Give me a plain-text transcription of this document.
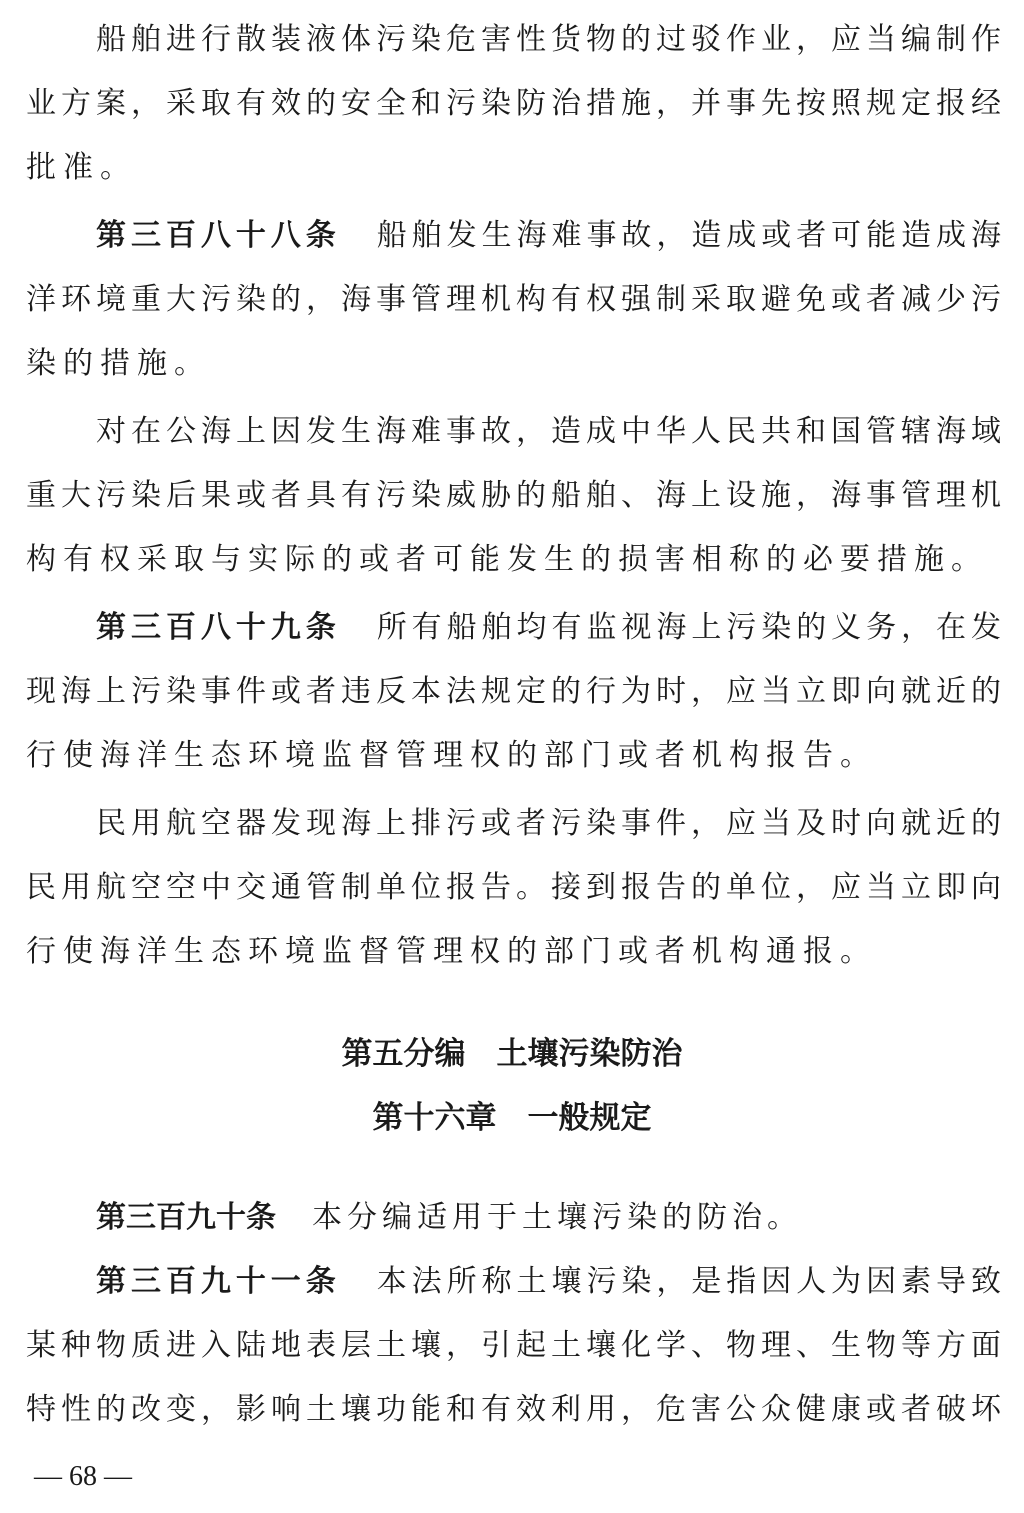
船舶进行散装液体污染危害性货物的过驳作业，应当编制作
业方案，采取有效的安全和污染防治措施，并事先按照规定报经
批准。
第三百八十八条 船舶发生海难事故，造成或者可能造成海
洋环境重大污染的，海事管理机构有权强制采取避免或者减少污
染的措施。
对在公海上因发生海难事故，造成中华人民共和国管辖海域
重大污染后果或者具有污染威胁的船舶、海上设施，海事管理机
构有权采取与实际的或者可能发生的损害相称的必要措施。
第三百八十九条 所有船舶均有监视海上污染的义务，在发
现海上污染事件或者违反本法规定的行为时，应当立即向就近的
行使海洋生态环境监督管理权的部门或者机构报告。
民用航空器发现海上排污或者污染事件，应当及时向就近的
民用航空空中交通管制单位报告。接到报告的单位，应当立即向
行使海洋生态环境监督管理权的部门或者机构通报。
第五分编　土壤污染防治
第十六章　一般规定
第三百九十条 本分编适用于土壤污染的防治。
第三百九十一条 本法所称土壤污染，是指因人为因素导致
某种物质进入陆地表层土壤，引起土壤化学、物理、生物等方面
特性的改变，影响土壤功能和有效利用，危害公众健康或者破坏
— 68 —
